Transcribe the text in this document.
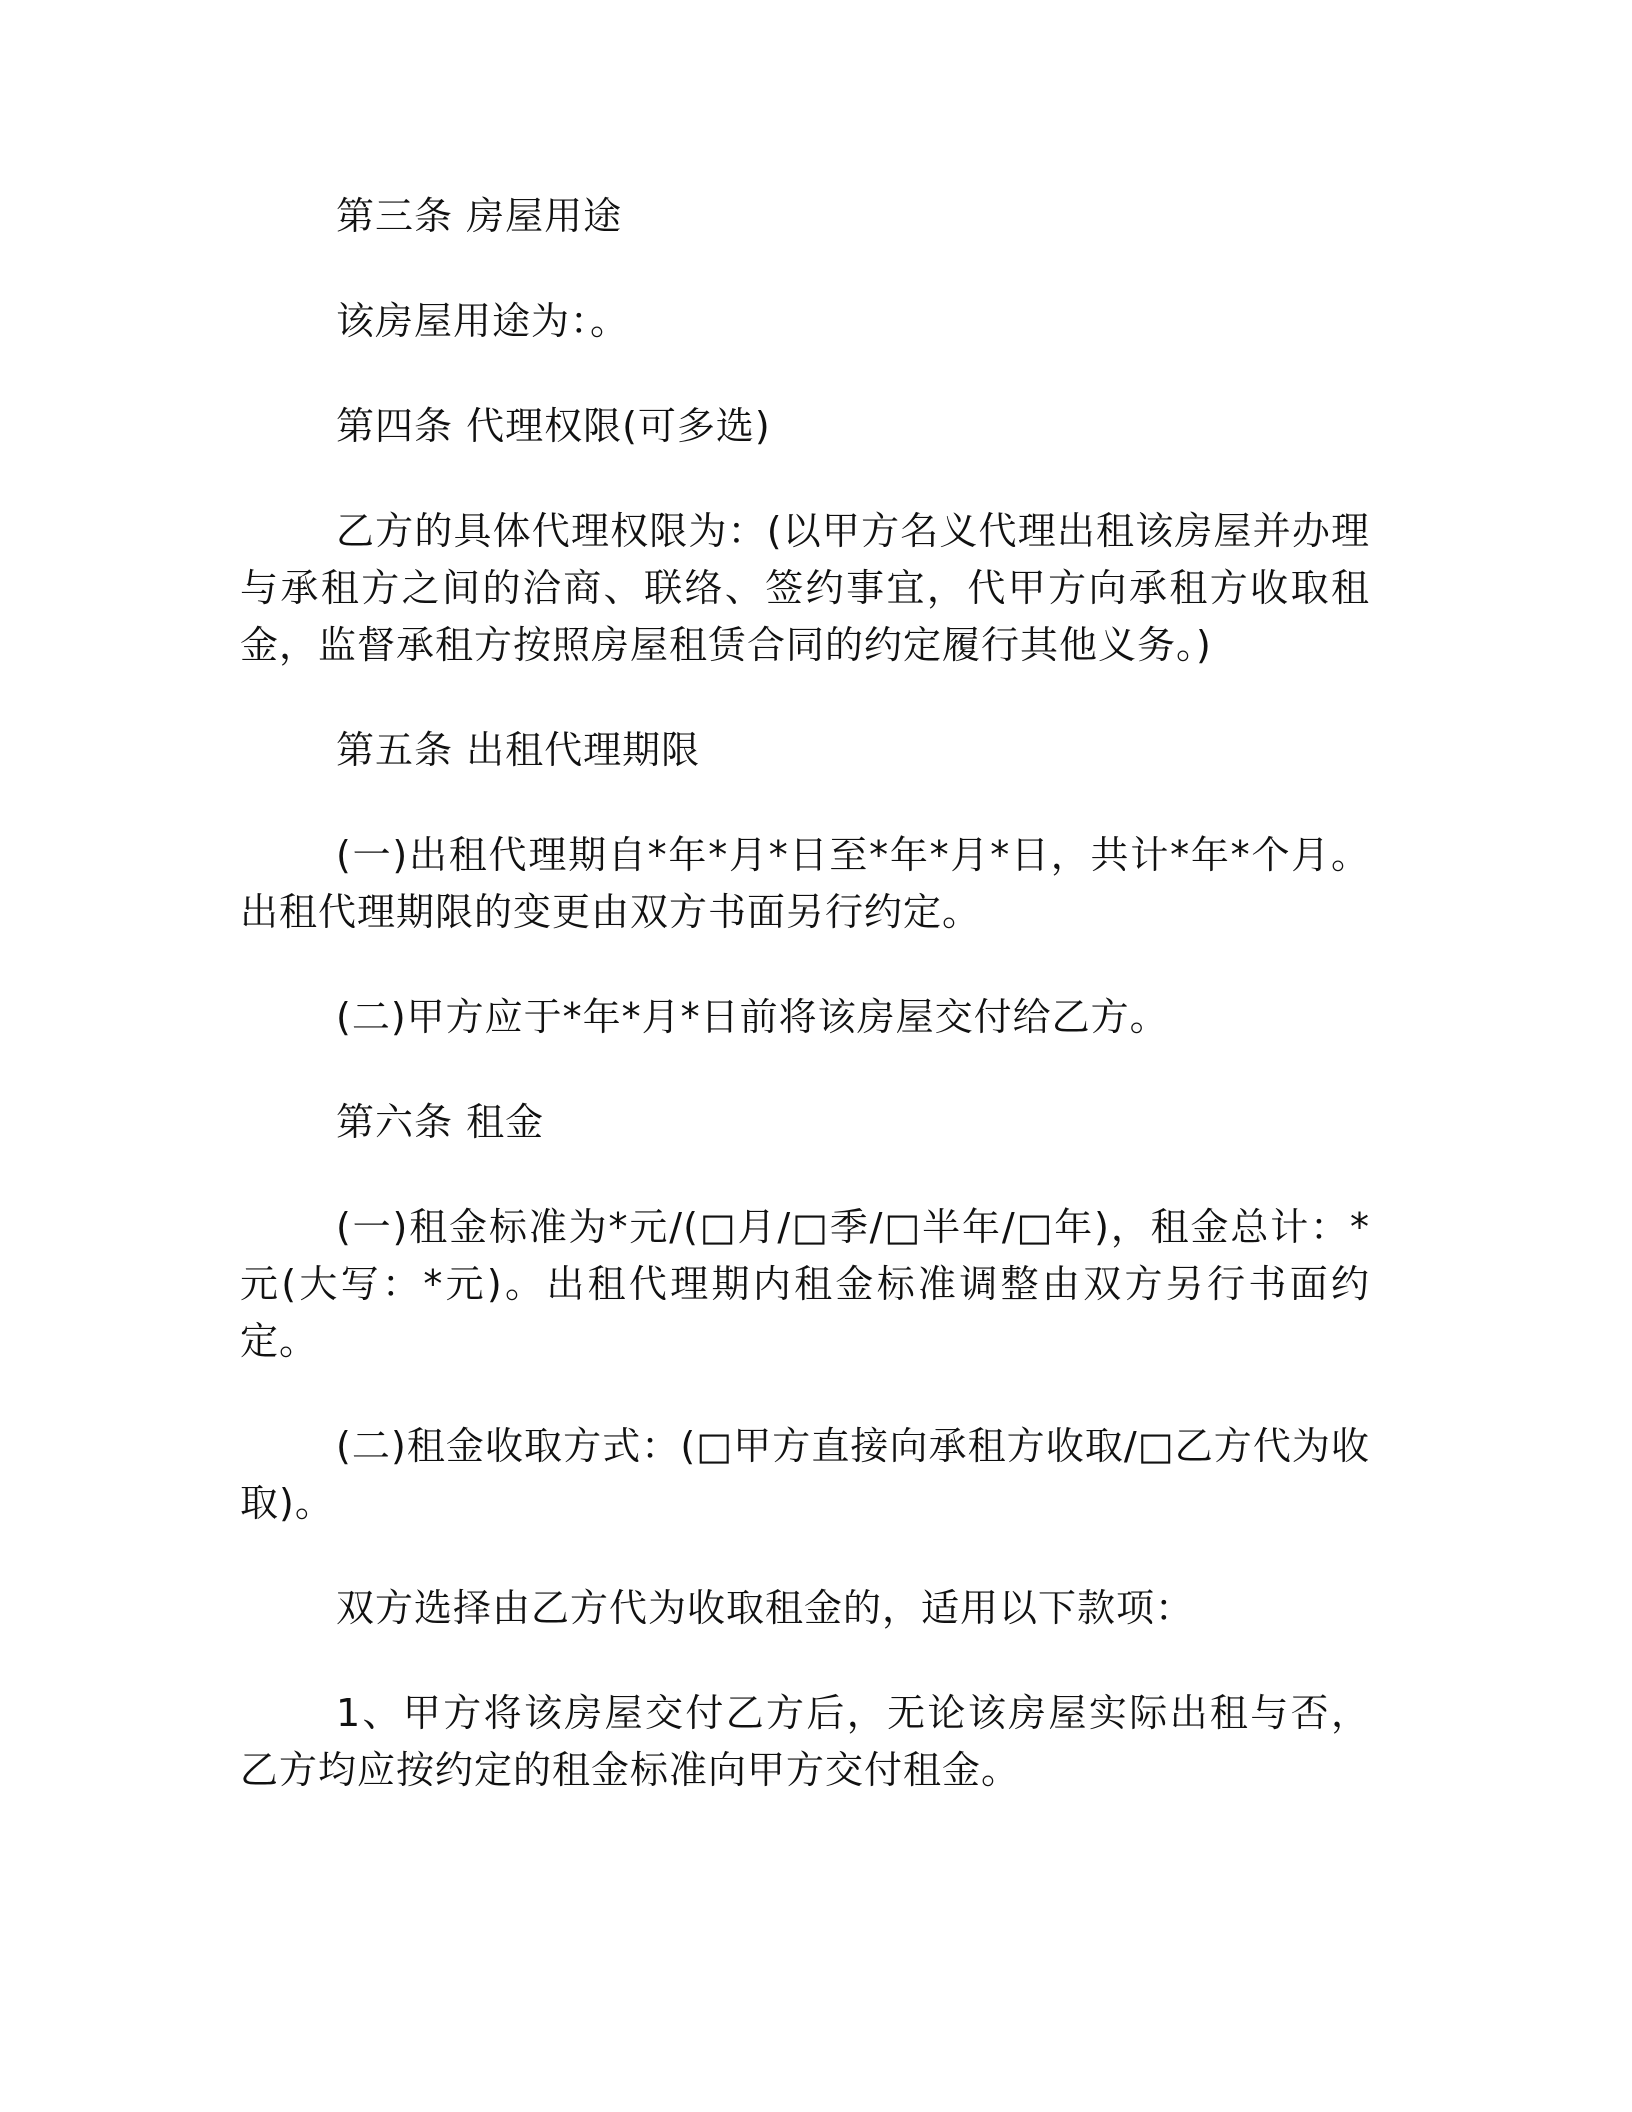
第三条 房屋用途

该房屋用途为：。

第四条 代理权限(可多选)

乙方的具体代理权限为：(以甲方名义代理出租该房屋并办理与承租方之间的洽商、联络、签约事宜，代甲方向承租方收取租金，监督承租方按照房屋租赁合同的约定履行其他义务。)

第五条 出租代理期限

(一)出租代理期自*年*月*日至*年*月*日，共计*年*个月。出租代理期限的变更由双方书面另行约定。

(二)甲方应于*年*月*日前将该房屋交付给乙方。

第六条 租金

(一)租金标准为*元/(□月/□季/□半年/□年)，租金总计：*元(大写：*元)。出租代理期内租金标准调整由双方另行书面约定。

(二)租金收取方式：(□甲方直接向承租方收取/□乙方代为收取)。

双方选择由乙方代为收取租金的，适用以下款项：

1、甲方将该房屋交付乙方后，无论该房屋实际出租与否，乙方均应按约定的租金标准向甲方交付租金。
